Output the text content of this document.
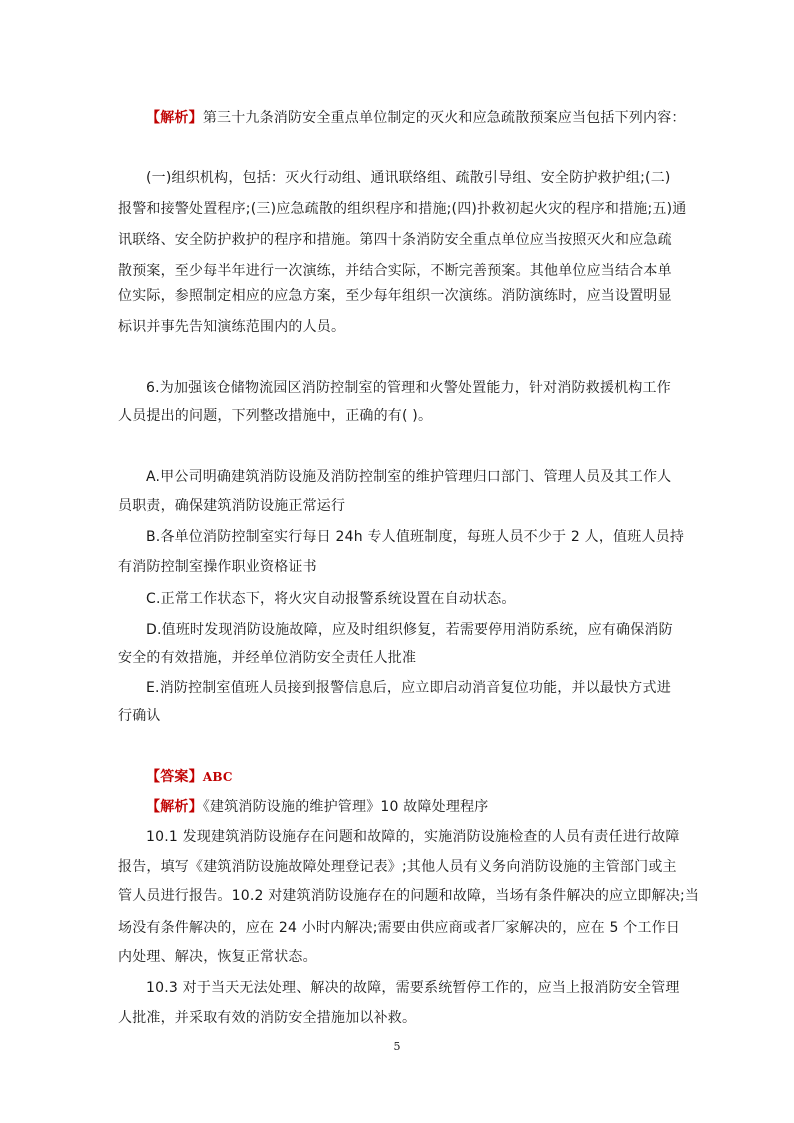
【解析】第三十九条消防安全重点单位制定的灭火和应急疏散预案应当包括下列内容：
(一)组织机构，包括：灭火行动组、通讯联络组、疏散引导组、安全防护救护组;(二)
报警和接警处置程序;(三)应急疏散的组织程序和措施;(四)扑救初起火灾的程序和措施;五)通
讯联络、安全防护救护的程序和措施。第四十条消防安全重点单位应当按照灭火和应急疏
散预案，至少每半年进行一次演练，并结合实际，不断完善预案。其他单位应当结合本单
位实际，参照制定相应的应急方案，至少每年组织一次演练。消防演练时，应当设置明显
标识并事先告知演练范围内的人员。
6.为加强该仓储物流园区消防控制室的管理和火警处置能力，针对消防救援机构工作
人员提出的问题，下列整改措施中，正确的有( )。
A.甲公司明确建筑消防设施及消防控制室的维护管理归口部门、管理人员及其工作人
员职责，确保建筑消防设施正常运行
B.各单位消防控制室实行每日 24h 专人值班制度，每班人员不少于 2 人，值班人员持
有消防控制室操作职业资格证书
C.正常工作状态下，将火灾自动报警系统设置在自动状态。
D.值班时发现消防设施故障，应及时组织修复，若需要停用消防系统，应有确保消防
安全的有效措施，并经单位消防安全责任人批准
E.消防控制室值班人员接到报警信息后，应立即启动消音复位功能，并以最快方式进
行确认
【答案】ABC
【解析】《建筑消防设施的维护管理》10 故障处理程序
10.1 发现建筑消防设施存在问题和故障的，实施消防设施检查的人员有责任进行故障
报告，填写《建筑消防设施故障处理登记表》;其他人员有义务向消防设施的主管部门或主
管人员进行报告。10.2 对建筑消防设施存在的问题和故障，当场有条件解决的应立即解决;当
场没有条件解决的，应在 24 小时内解决;需要由供应商或者厂家解决的，应在 5 个工作日
内处理、解决，恢复正常状态。
10.3 对于当天无法处理、解决的故障，需要系统暂停工作的，应当上报消防安全管理
人批准，并采取有效的消防安全措施加以补救。
5
